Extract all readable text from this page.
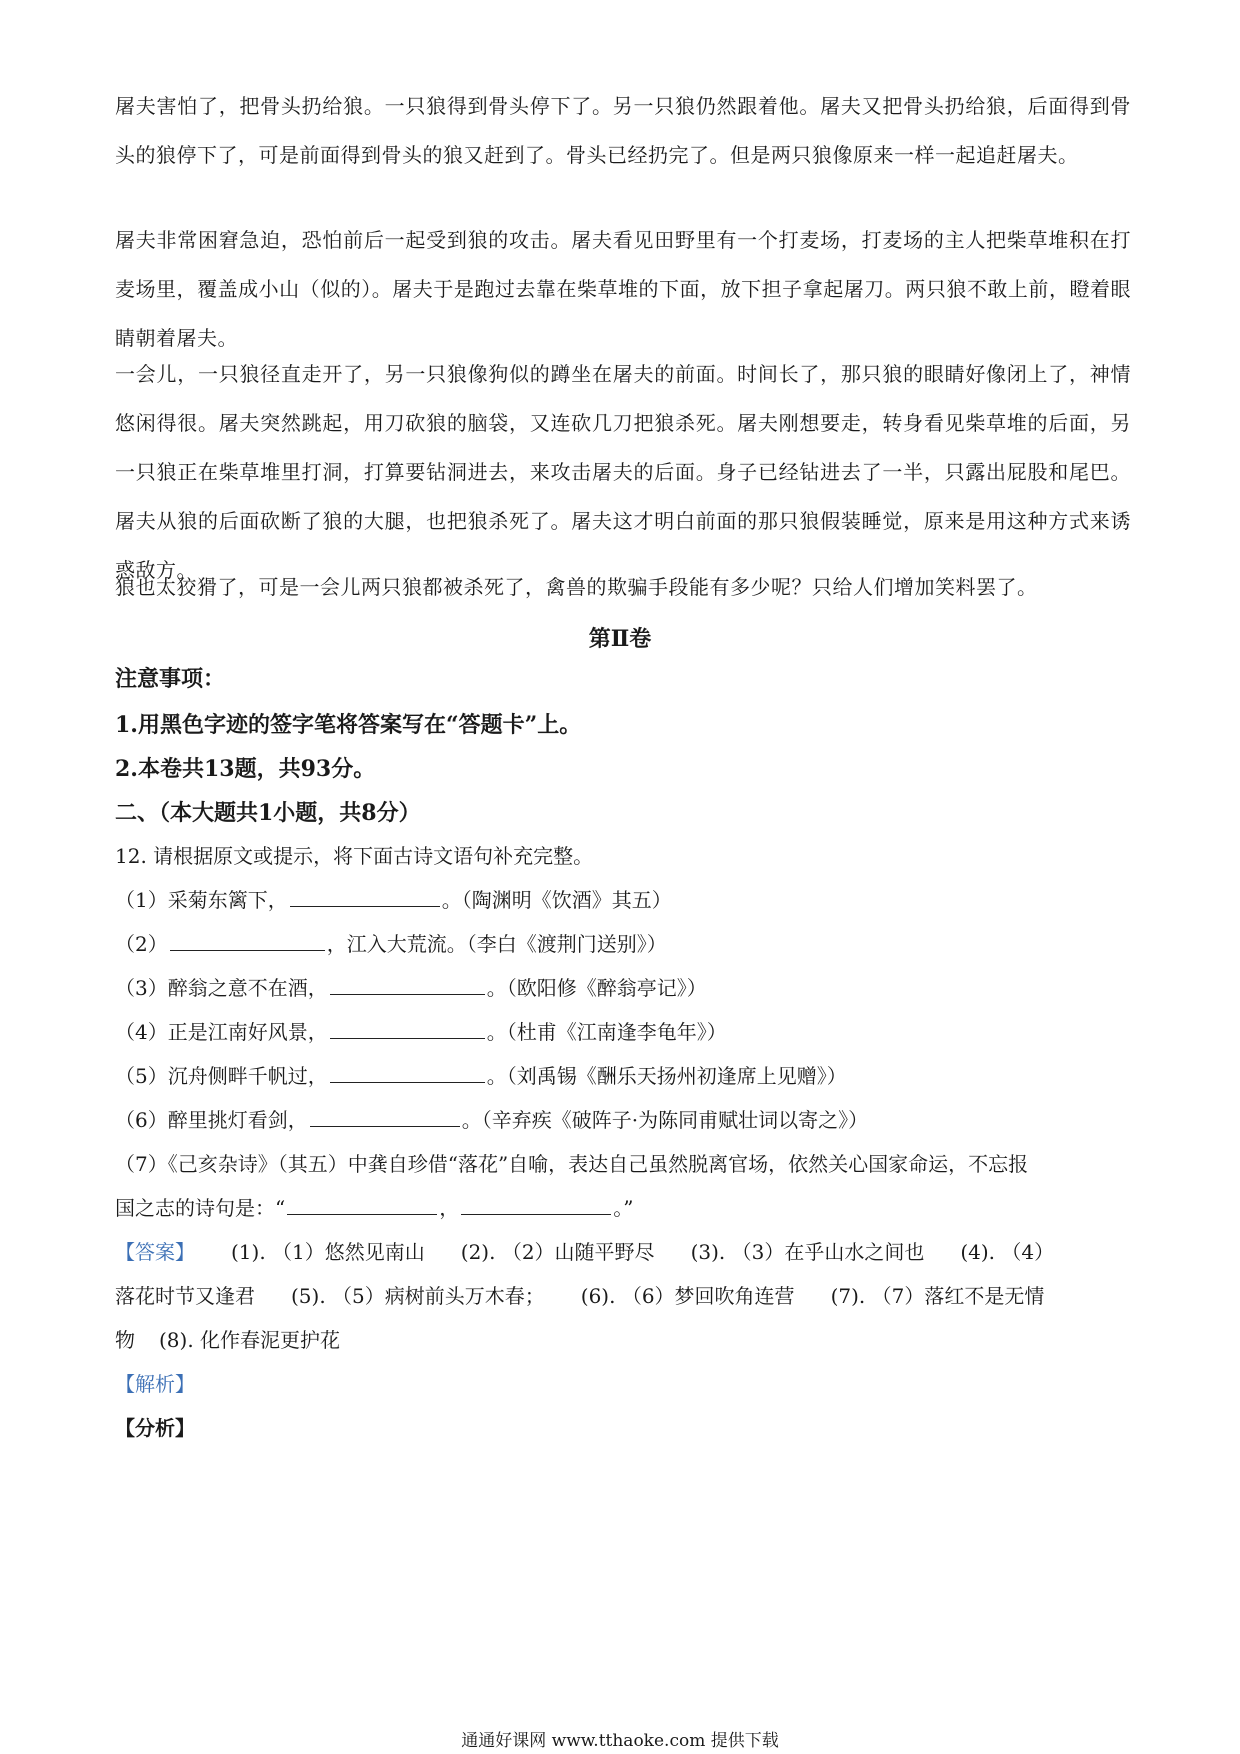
屠夫害怕了，把骨头扔给狼。一只狼得到骨头停下了。另一只狼仍然跟着他。屠夫又把骨头扔给狼，后面得到骨头的狼停下了，可是前面得到骨头的狼又赶到了。骨头已经扔完了。但是两只狼像原来一样一起追赶屠夫。

屠夫非常困窘急迫，恐怕前后一起受到狼的攻击。屠夫看见田野里有一个打麦场，打麦场的主人把柴草堆积在打麦场里，覆盖成小山（似的）。屠夫于是跑过去靠在柴草堆的下面，放下担子拿起屠刀。两只狼不敢上前，瞪着眼睛朝着屠夫。

一会儿，一只狼径直走开了，另一只狼像狗似的蹲坐在屠夫的前面。时间长了，那只狼的眼睛好像闭上了，神情悠闲得很。屠夫突然跳起，用刀砍狼的脑袋，又连砍几刀把狼杀死。屠夫刚想要走，转身看见柴草堆的后面，另一只狼正在柴草堆里打洞，打算要钻洞进去，来攻击屠夫的后面。身子已经钻进去了一半，只露出屁股和尾巴。屠夫从狼的后面砍断了狼的大腿，也把狼杀死了。屠夫这才明白前面的那只狼假装睡觉，原来是用这种方式来诱惑敌方。

狼也太狡猾了，可是一会儿两只狼都被杀死了，禽兽的欺骗手段能有多少呢？只给人们增加笑料罢了。

第Ⅱ卷
注意事项：
1.用黑色字迹的签字笔将答案写在“答题卡”上。
2.本卷共13题，共93分。
二、（本大题共1小题，共8分）
12. 请根据原文或提示，将下面古诗文语句补充完整。
（1）采菊东篱下，	。（陶渊明《饮酒》其五）
（2）	，江入大荒流。（李白《渡荆门送别》）
（3）醉翁之意不在酒，	。（欧阳修《醉翁亭记》）
（4）正是江南好风景，	。（杜甫《江南逢李龟年》）
（5）沉舟侧畔千帆过，	。（刘禹锡《酬乐天扬州初逢席上见赠》）
（6）醉里挑灯看剑，	。（辛弃疾《破阵子·为陈同甫赋壮词以寄之》）
（7）《己亥杂诗》（其五）中龚自珍借“落花”自喻，表达自己虽然脱离官场，依然关心国家命运，不忘报
国之志的诗句是：“	，	。”
【答案】 (1). （1）悠然见南山 (2). （2）山随平野尽 (3). （3）在乎山水之间也 (4). （4）
落花时节又逢君 (5). （5）病树前头万木春； (6). （6）梦回吹角连营 (7). （7）落红不是无情
物 (8). 化作春泥更护花
【解析】
【分析】
通通好课网 www.tthaoke.com 提供下载
